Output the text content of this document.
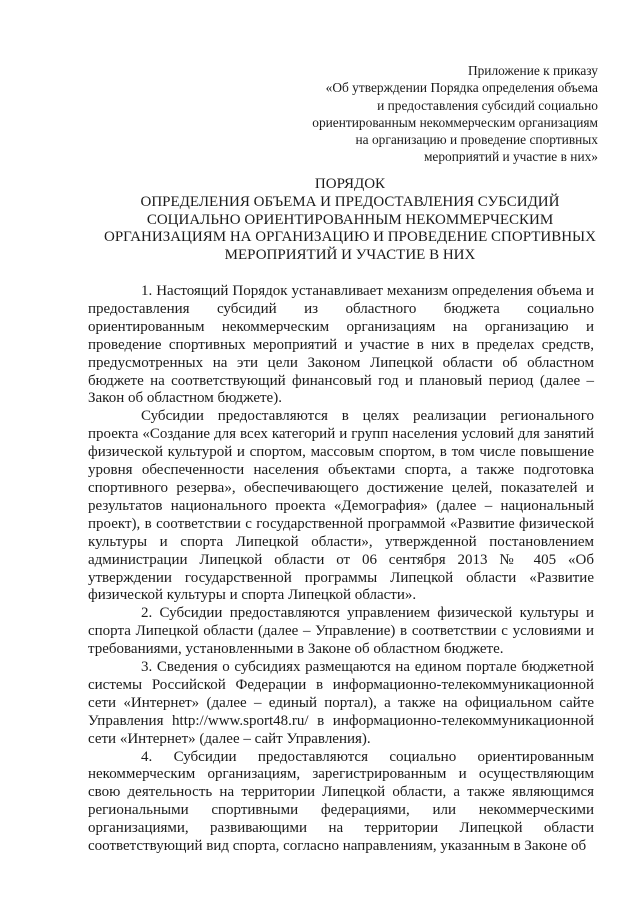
Приложение к приказу
«Об утверждении Порядка определения объема
и предоставления субсидий социально
ориентированным некоммерческим организациям
на организацию и проведение спортивных
мероприятий и участие в них»
ПОРЯДОК
ОПРЕДЕЛЕНИЯ ОБЪЕМА И ПРЕДОСТАВЛЕНИЯ СУБСИДИЙ
СОЦИАЛЬНО ОРИЕНТИРОВАННЫМ НЕКОММЕРЧЕСКИМ
ОРГАНИЗАЦИЯМ НА ОРГАНИЗАЦИЮ И ПРОВЕДЕНИЕ СПОРТИВНЫХ
МЕРОПРИЯТИЙ И УЧАСТИЕ В НИХ

1. Настоящий Порядок устанавливает механизм определения объема и предоставления субсидий из областного бюджета социально ориентированным некоммерческим организациям на организацию и проведение спортивных мероприятий и участие в них в пределах средств, предусмотренных на эти цели Законом Липецкой области об областном бюджете на соответствующий финансовый год и плановый период (далее – Закон об областном бюджете).

Субсидии предоставляются в целях реализации регионального проекта «Создание для всех категорий и групп населения условий для занятий физической культурой и спортом, массовым спортом, в том числе повышение уровня обеспеченности населения объектами спорта, а также подготовка спортивного резерва», обеспечивающего достижение целей, показателей и результатов национального проекта «Демография» (далее – национальный проект), в соответствии с государственной программой «Развитие физической культуры и спорта Липецкой области», утвержденной постановлением администрации Липецкой области от 06 сентября 2013 № 405 «Об утверждении государственной программы Липецкой области «Развитие физической культуры и спорта Липецкой области».

2. Субсидии предоставляются управлением физической культуры и спорта Липецкой области (далее – Управление) в соответствии с условиями и требованиями, установленными в Законе об областном бюджете.

3. Сведения о субсидиях размещаются на едином портале бюджетной системы Российской Федерации в информационно-телекоммуникационной сети «Интернет» (далее – единый портал), а также на официальном сайте Управления http://www.sport48.ru/ в информационно-телекоммуникационной сети «Интернет» (далее – сайт Управления).

4. Субсидии предоставляются социально ориентированным некоммерческим организациям, зарегистрированным и осуществляющим свою деятельность на территории Липецкой области, а также являющимся региональными спортивными федерациями, или некоммерческими организациями, развивающими на территории Липецкой области соответствующий вид спорта, согласно направлениям, указанным в Законе об
